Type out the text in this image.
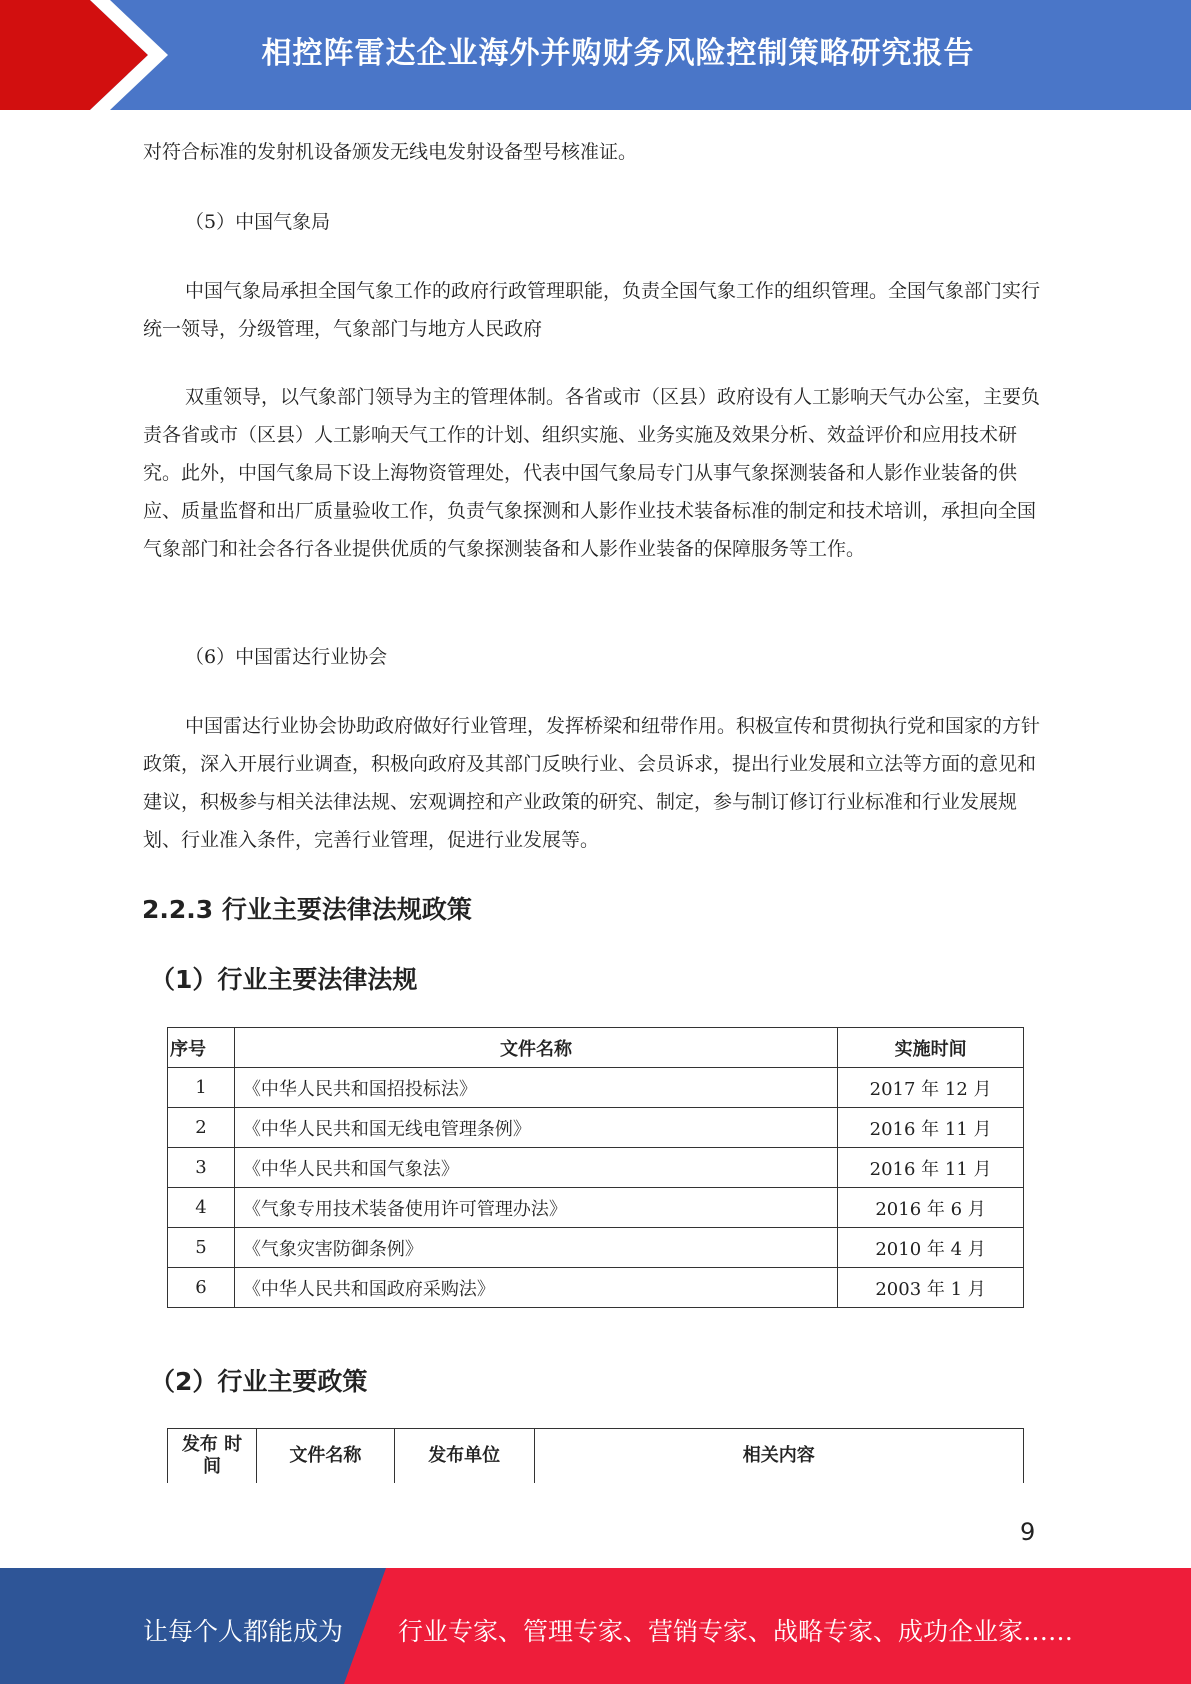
相控阵雷达企业海外并购财务风险控制策略研究报告

对符合标准的发射机设备颁发无线电发射设备型号核准证。

（5）中国气象局

中国气象局承担全国气象工作的政府行政管理职能，负责全国气象工作的组织管理。全国气象部门实行统一领导，分级管理，气象部门与地方人民政府

双重领导，以气象部门领导为主的管理体制。各省或市（区县）政府设有人工影响天气办公室，主要负责各省或市（区县）人工影响天气工作的计划、组织实施、业务实施及效果分析、效益评价和应用技术研究。此外，中国气象局下设上海物资管理处，代表中国气象局专门从事气象探测装备和人影作业装备的供应、质量监督和出厂质量验收工作，负责气象探测和人影作业技术装备标准的制定和技术培训，承担向全国气象部门和社会各行各业提供优质的气象探测装备和人影作业装备的保障服务等工作。

（6）中国雷达行业协会

中国雷达行业协会协助政府做好行业管理，发挥桥梁和纽带作用。积极宣传和贯彻执行党和国家的方针政策，深入开展行业调查，积极向政府及其部门反映行业、会员诉求，提出行业发展和立法等方面的意见和建议，积极参与相关法律法规、宏观调控和产业政策的研究、制定，参与制订修订行业标准和行业发展规划、行业准入条件，完善行业管理，促进行业发展等。

2.2.3 行业主要法律法规政策
（1）行业主要法律法规
序号	文件名称	实施时间
1	《中华人民共和国招投标法》	2017 年 12 月
2	《中华人民共和国无线电管理条例》	2016 年 11 月
3	《中华人民共和国气象法》	2016 年 11 月
4	《气象专用技术装备使用许可管理办法》	2016 年 6 月
5	《气象灾害防御条例》	2010 年 4 月
6	《中华人民共和国政府采购法》	2003 年 1 月
（2）行业主要政策
发布 时间	文件名称	发布单位	相关内容
9
让每个人都能成为 行业专家、管理专家、营销专家、战略专家、成功企业家……
